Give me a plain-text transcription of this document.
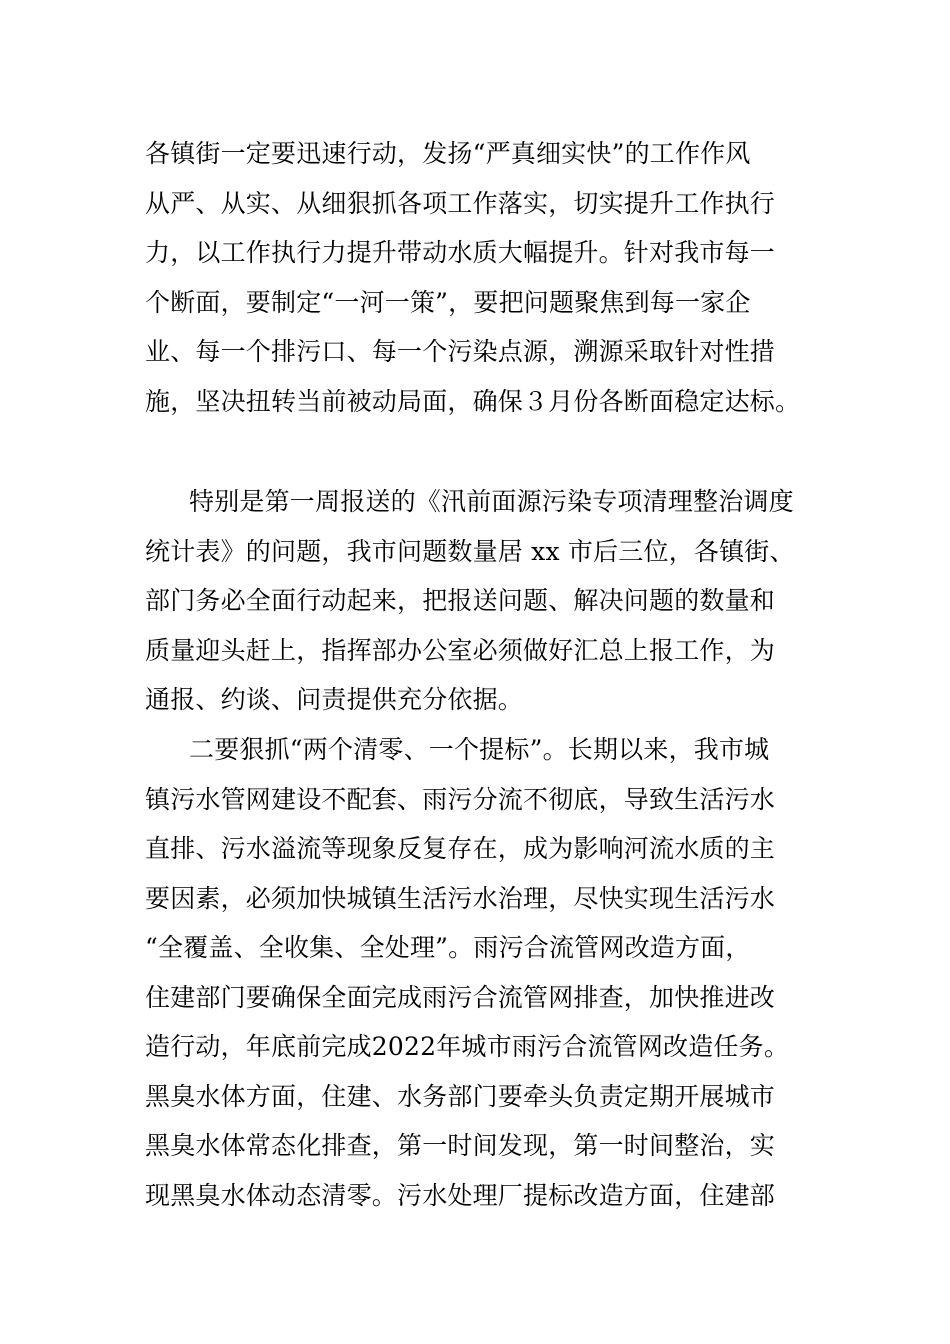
各镇街一定要迅速行动，发扬“严真细实快”的工作作风
从严、从实、从细狠抓各项工作落实，切实提升工作执行
力，以工作执行力提升带动水质大幅提升。针对我市每一
个断面，要制定“一河一策”，要把问题聚焦到每一家企
业、每一个排污口、每一个污染点源，溯源采取针对性措
施，坚决扭转当前被动局面，确保３月份各断面稳定达标。

特别是第一周报送的《汛前面源污染专项清理整治调度
统计表》的问题，我市问题数量居 xx 市后三位，各镇街、
部门务必全面行动起来，把报送问题、解决问题的数量和
质量迎头赶上，指挥部办公室必须做好汇总上报工作，为
通报、约谈、问责提供充分依据。

二要狠抓“两个清零、一个提标”。长期以来，我市城
镇污水管网建设不配套、雨污分流不彻底，导致生活污水
直排、污水溢流等现象反复存在，成为影响河流水质的主
要因素，必须加快城镇生活污水治理，尽快实现生活污水
“全覆盖、全收集、全处理”。雨污合流管网改造方面，
住建部门要确保全面完成雨污合流管网排查，加快推进改
造行动，年底前完成2022年城市雨污合流管网改造任务。
黑臭水体方面，住建、水务部门要牵头负责定期开展城市
黑臭水体常态化排查，第一时间发现，第一时间整治，实
现黑臭水体动态清零。污水处理厂提标改造方面，住建部
